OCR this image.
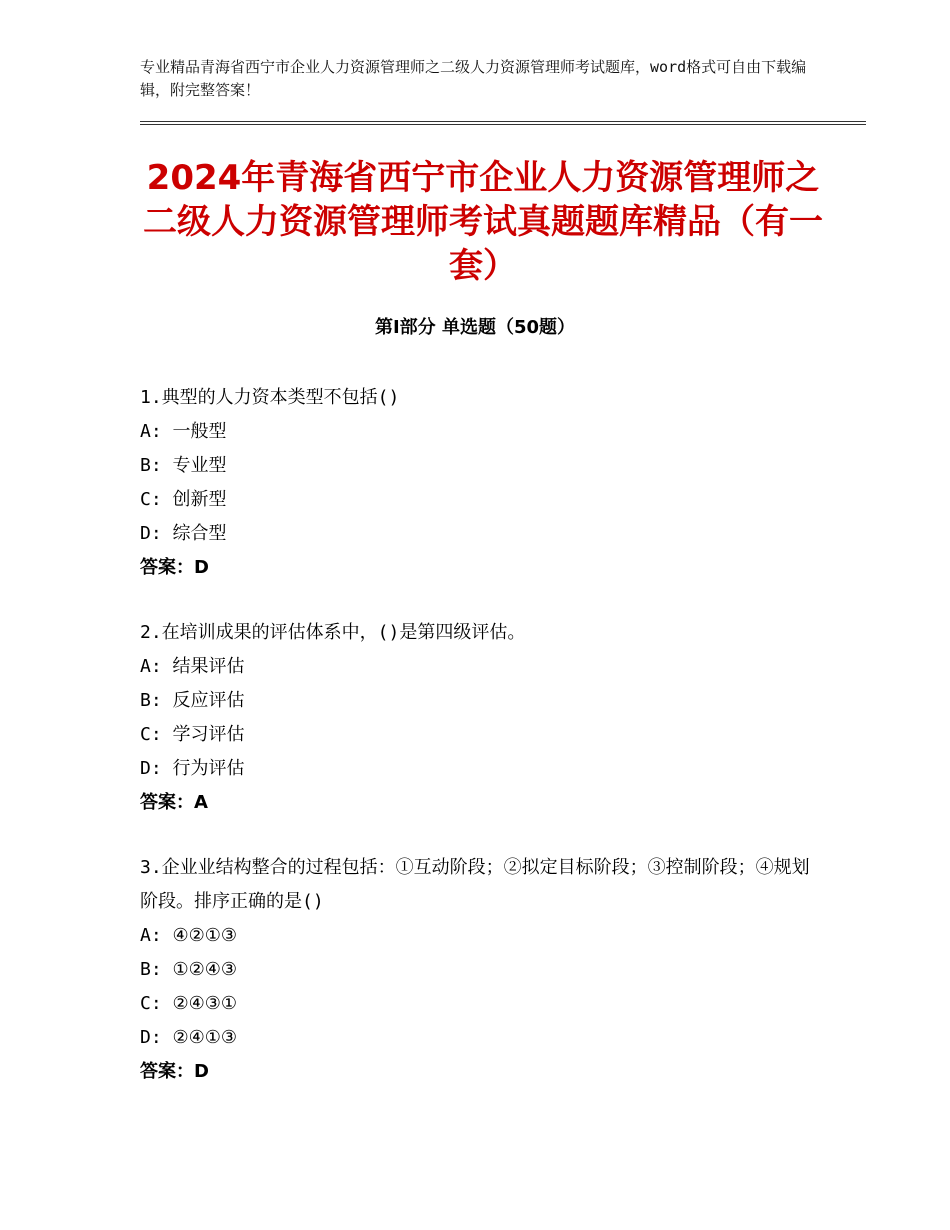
专业精品青海省西宁市企业人力资源管理师之二级人力资源管理师考试题库，word格式可自由下载编辑，附完整答案！
2024年青海省西宁市企业人力资源管理师之二级人力资源管理师考试真题题库精品（有一套）
第Ⅰ部分 单选题（50题）
1.典型的人力资本类型不包括()
A: 一般型
B: 专业型
C: 创新型
D: 综合型
答案：D
2.在培训成果的评估体系中，()是第四级评估。
A: 结果评估
B: 反应评估
C: 学习评估
D: 行为评估
答案：A
3.企业业结构整合的过程包括：①互动阶段；②拟定目标阶段；③控制阶段；④规划阶段。排序正确的是()
A: ④②①③
B: ①②④③
C: ②④③①
D: ②④①③
答案：D
